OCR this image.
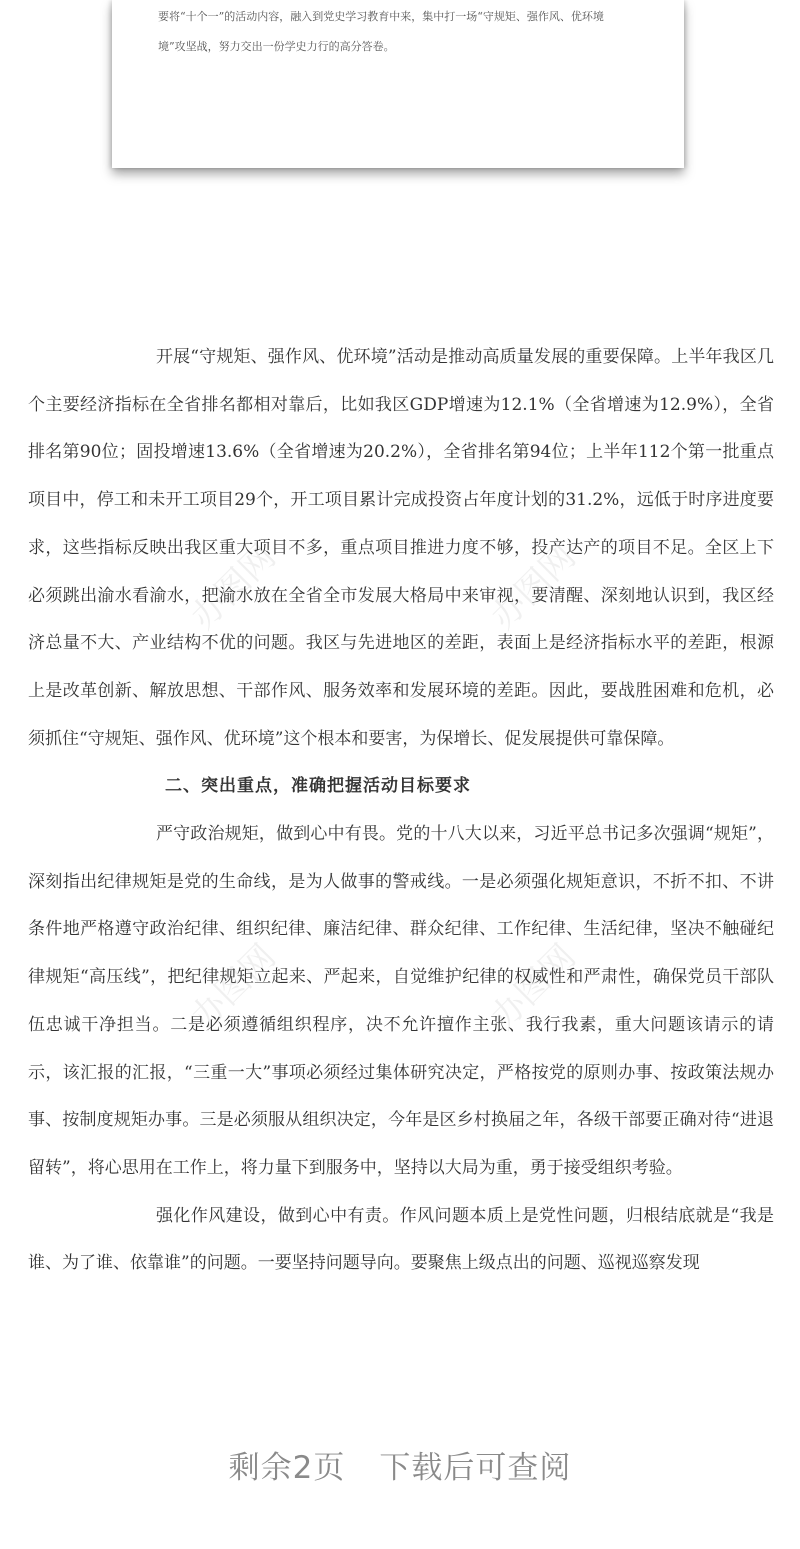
要将“十个一”的活动内容，融入到党史学习教育中来，集中打一场“守规矩、强作风、优环境
境”攻坚战，努力交出一份学史力行的高分答卷。
办图网	办图网
办图网	办图网

开展“守规矩、强作风、优环境”活动是推动高质量发展的重要保障。上半年我区几个主要经济指标在全省排名都相对靠后，比如我区GDP增速为12.1%（全省增速为12.9%），全省排名第90位；固投增速13.6%（全省增速为20.2%），全省排名第94位；上半年112个第一批重点项目中，停工和未开工项目29个，开工项目累计完成投资占年度计划的31.2%，远低于时序进度要求，这些指标反映出我区重大项目不多，重点项目推进力度不够，投产达产的项目不足。全区上下必须跳出渝水看渝水，把渝水放在全省全市发展大格局中来审视，要清醒、深刻地认识到，我区经济总量不大、产业结构不优的问题。我区与先进地区的差距，表面上是经济指标水平的差距，根源上是改革创新、解放思想、干部作风、服务效率和发展环境的差距。因此，要战胜困难和危机，必须抓住“守规矩、强作风、优环境”这个根本和要害，为保增长、促发展提供可靠保障。

二、突出重点，准确把握活动目标要求

严守政治规矩，做到心中有畏。党的十八大以来，习近平总书记多次强调“规矩”，深刻指出纪律规矩是党的生命线，是为人做事的警戒线。一是必须强化规矩意识，不折不扣、不讲条件地严格遵守政治纪律、组织纪律、廉洁纪律、群众纪律、工作纪律、生活纪律，坚决不触碰纪律规矩“高压线”，把纪律规矩立起来、严起来，自觉维护纪律的权威性和严肃性，确保党员干部队伍忠诚干净担当。二是必须遵循组织程序，决不允许擅作主张、我行我素，重大问题该请示的请示，该汇报的汇报，“三重一大”事项必须经过集体研究决定，严格按党的原则办事、按政策法规办事、按制度规矩办事。三是必须服从组织决定，今年是区乡村换届之年，各级干部要正确对待“进退留转”，将心思用在工作上，将力量下到服务中，坚持以大局为重，勇于接受组织考验。

强化作风建设，做到心中有责。作风问题本质上是党性问题，归根结底就是“我是谁、为了谁、依靠谁”的问题。一要坚持问题导向。要聚焦上级点出的问题、巡视巡察发现

剩余2页 下载后可查阅
